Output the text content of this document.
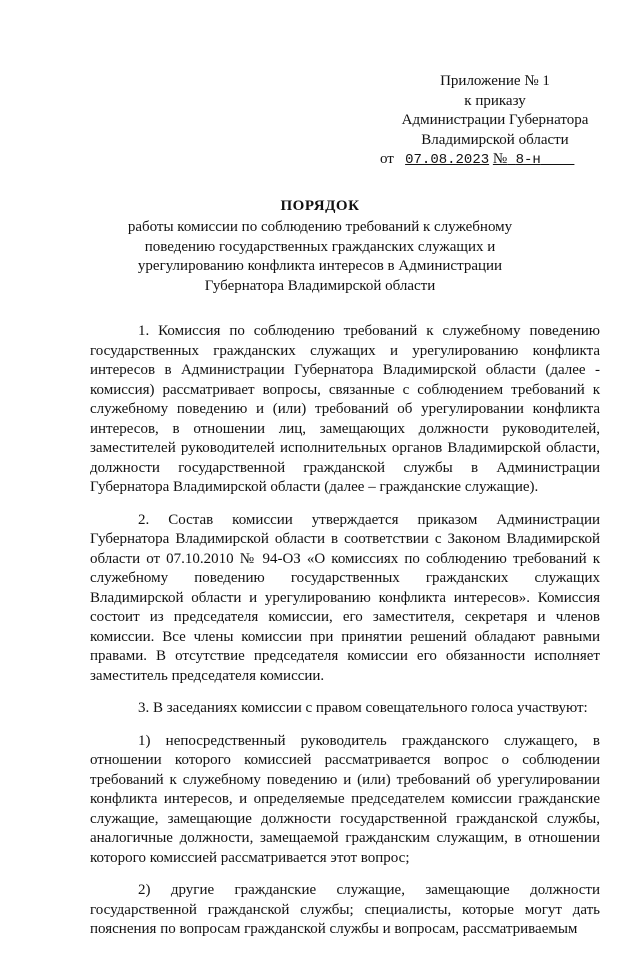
Приложение № 1
к приказу
Администрации Губернатора
Владимирской области
от 07.08.2023 № 8-н
ПОРЯДОК
работы комиссии по соблюдению требований к служебному поведению государственных гражданских служащих и урегулированию конфликта интересов в Администрации Губернатора Владимирской области

1. Комиссия по соблюдению требований к служебному поведению государственных гражданских служащих и урегулированию конфликта интересов в Администрации Губернатора Владимирской области (далее - комиссия) рассматривает вопросы, связанные с соблюдением требований к служебному поведению и (или) требований об урегулировании конфликта интересов, в отношении лиц, замещающих должности руководителей, заместителей руководителей исполнительных органов Владимирской области, должности государственной гражданской службы в Администрации Губернатора Владимирской области (далее – гражданские служащие).

2. Состав комиссии утверждается приказом Администрации Губернатора Владимирской области в соответствии с Законом Владимирской области от 07.10.2010 № 94-ОЗ «О комиссиях по соблюдению требований к служебному поведению государственных гражданских служащих Владимирской области и урегулированию конфликта интересов». Комиссия состоит из председателя комиссии, его заместителя, секретаря и членов комиссии. Все члены комиссии при принятии решений обладают равными правами. В отсутствие председателя комиссии его обязанности исполняет заместитель председателя комиссии.

3. В заседаниях комиссии с правом совещательного голоса участвуют:

1) непосредственный руководитель гражданского служащего, в отношении которого комиссией рассматривается вопрос о соблюдении требований к служебному поведению и (или) требований об урегулировании конфликта интересов, и определяемые председателем комиссии гражданские служащие, замещающие должности государственной гражданской службы, аналогичные должности, замещаемой гражданским служащим, в отношении которого комиссией рассматривается этот вопрос;

2) другие гражданские служащие, замещающие должности государственной гражданской службы; специалисты, которые могут дать пояснения по вопросам гражданской службы и вопросам, рассматриваемым
